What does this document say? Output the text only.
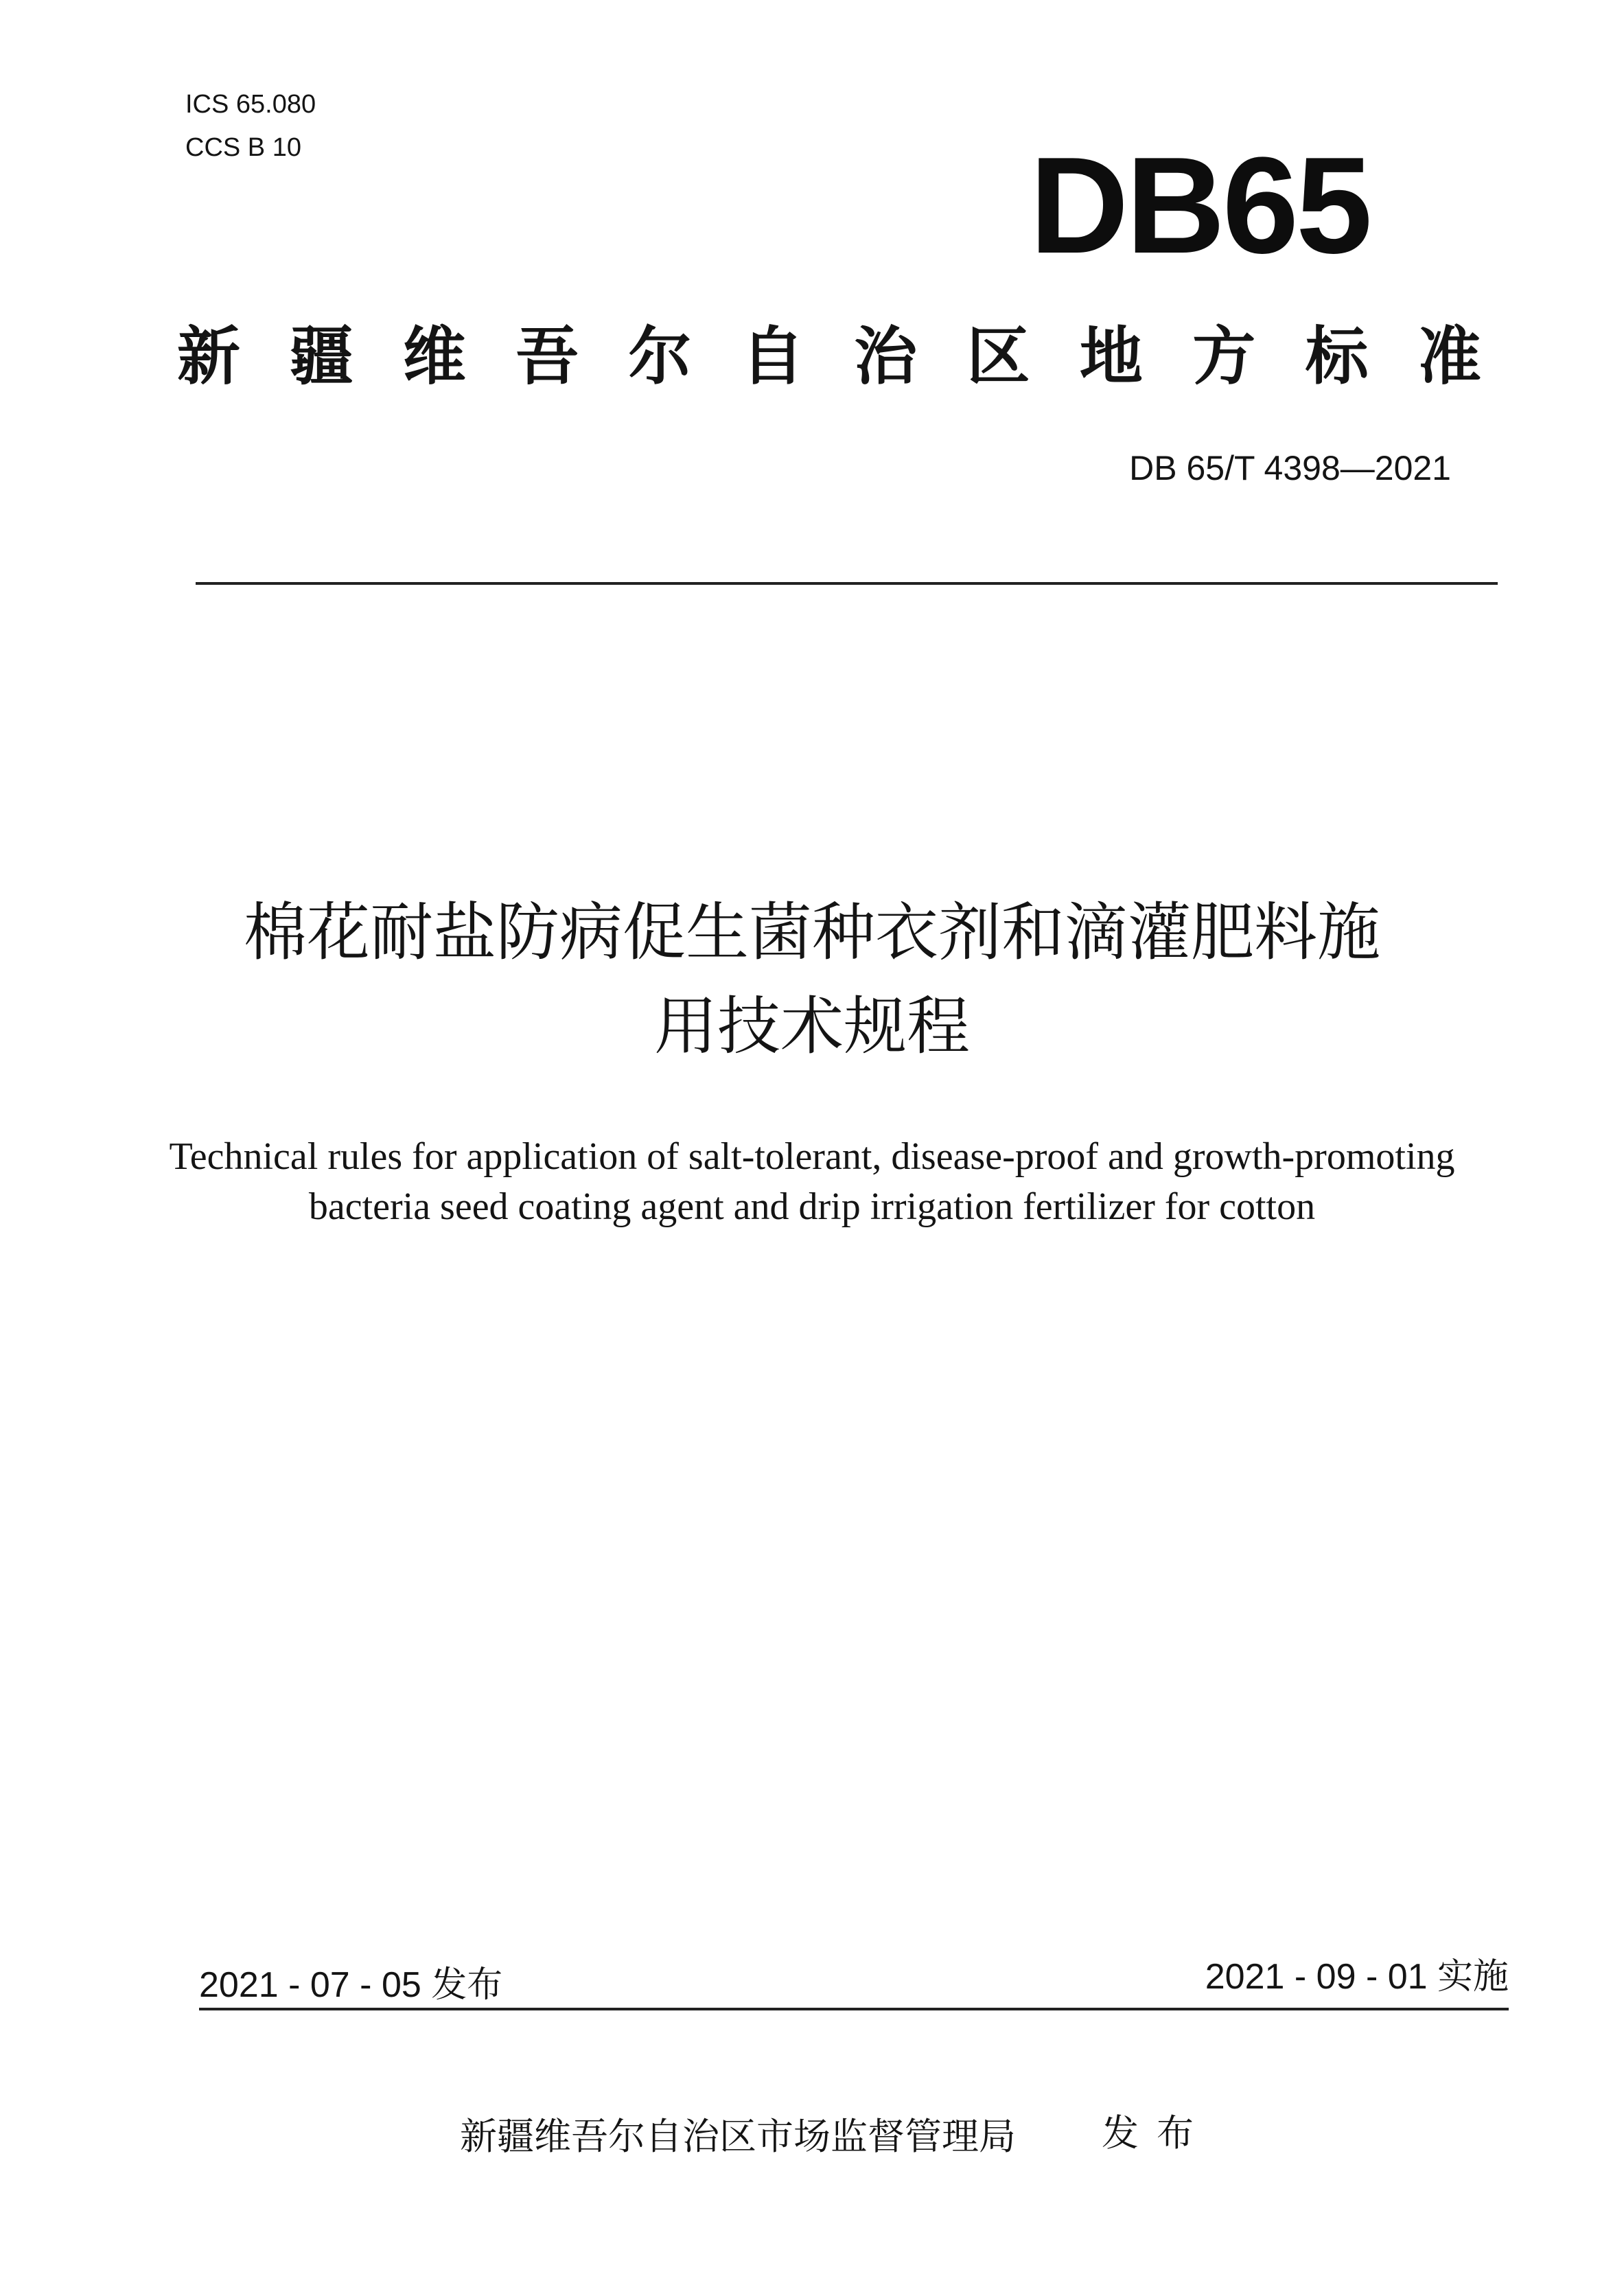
ICS 65.080
CCS B 10	DB65
新 疆 维 吾 尔 自 治 区 地 方 标 准
DB 65/T 4398—2021
棉花耐盐防病促生菌种衣剂和滴灌肥料施
用技术规程
Technical rules for application of salt-tolerant, disease-proof and growth-promoting
bacteria seed coating agent and drip irrigation fertilizer for cotton
2021 - 07 - 05 发布	2021 - 09 - 01 实施
新疆维吾尔自治区市场监督管理局 发布
